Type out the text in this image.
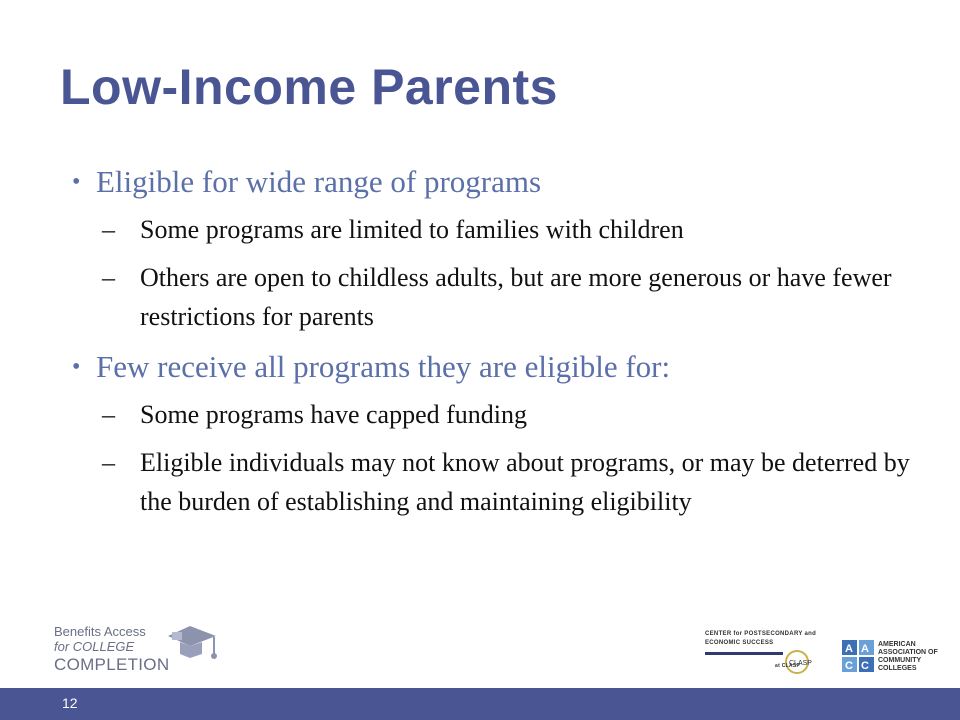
Low-Income Parents
• Eligible for wide range of programs
– Some programs are limited to families with children
– Others are open to childless adults, but are more generous or have fewer restrictions for parents
• Few receive all programs they are eligible for:
– Some programs have capped funding
– Eligible individuals may not know about programs, or may be deterred by the burden of establishing and maintaining eligibility
Benefits Access
for COLLEGE
COMPLETION
CENTER for POSTSECONDARY and
ECONOMIC SUCCESS
CLASP
at CLASP
A A
C C
AMERICAN
ASSOCIATION OF
COMMUNITY
COLLEGES
12
